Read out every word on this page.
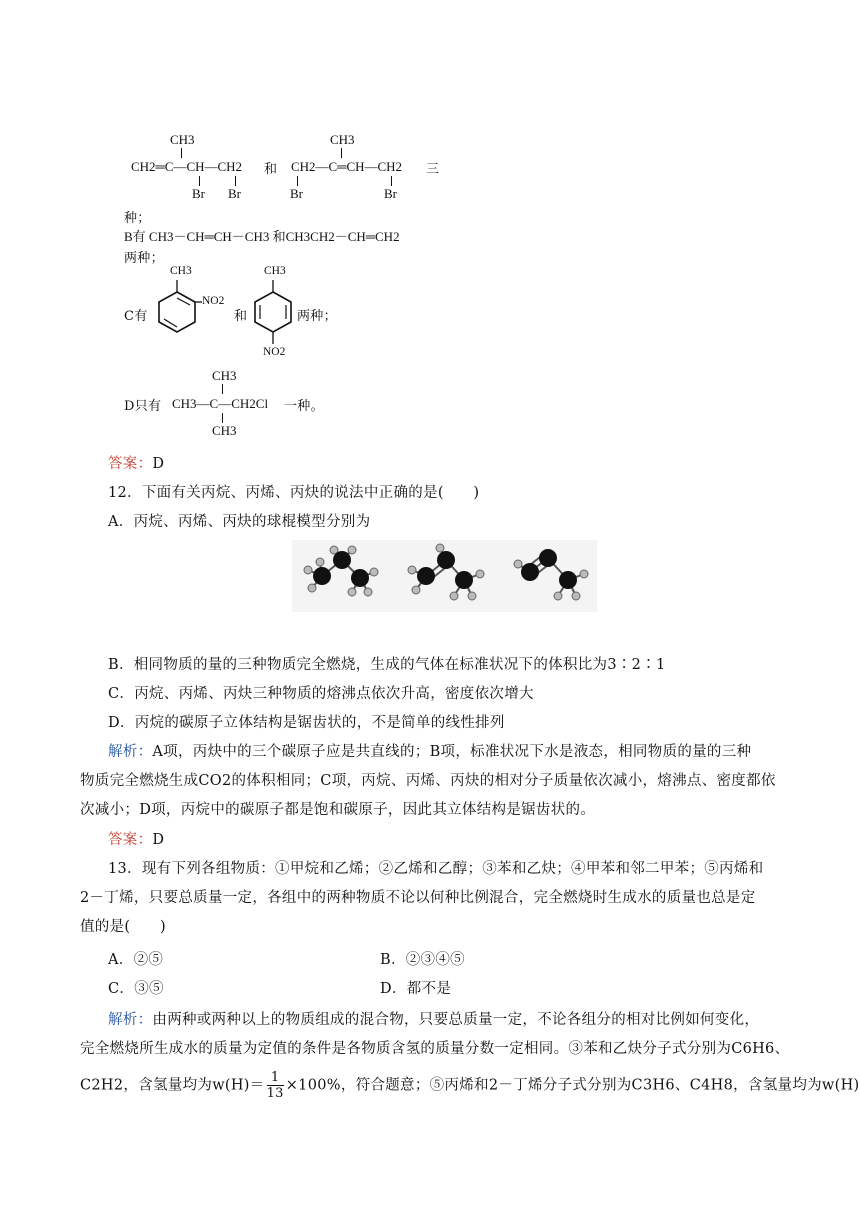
CH3
CH2═C—CH—CH2
Br Br
和
CH3
CH2—C═CH—CH2
Br	Br
三
种；
B有 CH3－CH═CH－CH3 和CH3CH2－CH═CH2
两种；
C有
CH3
NO2
和
CH3
NO2
两种；
D只有
CH3
CH3—C—CH2Cl
CH3
一种。
答案：D
12．下面有关丙烷、丙烯、丙炔的说法中正确的是(　　)
A．丙烷、丙烯、丙炔的球棍模型分别为
B．相同物质的量的三种物质完全燃烧，生成的气体在标准状况下的体积比为3∶2∶1
C．丙烷、丙烯、丙炔三种物质的熔沸点依次升高，密度依次增大
D．丙烷的碳原子立体结构是锯齿状的，不是简单的线性排列
解析：A项，丙炔中的三个碳原子应是共直线的；B项，标准状况下水是液态，相同物质的量的三种
物质完全燃烧生成CO2的体积相同；C项，丙烷、丙烯、丙炔的相对分子质量依次减小，熔沸点、密度都依
次减小；D项，丙烷中的碳原子都是饱和碳原子，因此其立体结构是锯齿状的。
答案：D
13．现有下列各组物质：①甲烷和乙烯；②乙烯和乙醇；③苯和乙炔；④甲苯和邻二甲苯；⑤丙烯和
2－丁烯，只要总质量一定，各组中的两种物质不论以何种比例混合，完全燃烧时生成水的质量也总是定
值的是(　　)
A．②⑤	B．②③④⑤
C．③⑤	D．都不是
解析：由两种或两种以上的物质组成的混合物，只要总质量一定，不论各组分的相对比例如何变化，
完全燃烧所生成水的质量为定值的条件是各物质含氢的质量分数一定相同。③苯和乙炔分子式分别为C6H6、
C2H2，含氢量均为$w(H)= \frac{1}{13} \times 100\%$，符合题意；⑤丙烯和2－丁烯分子式分别为C3H6、C4H8，含氢量均为w(H)
